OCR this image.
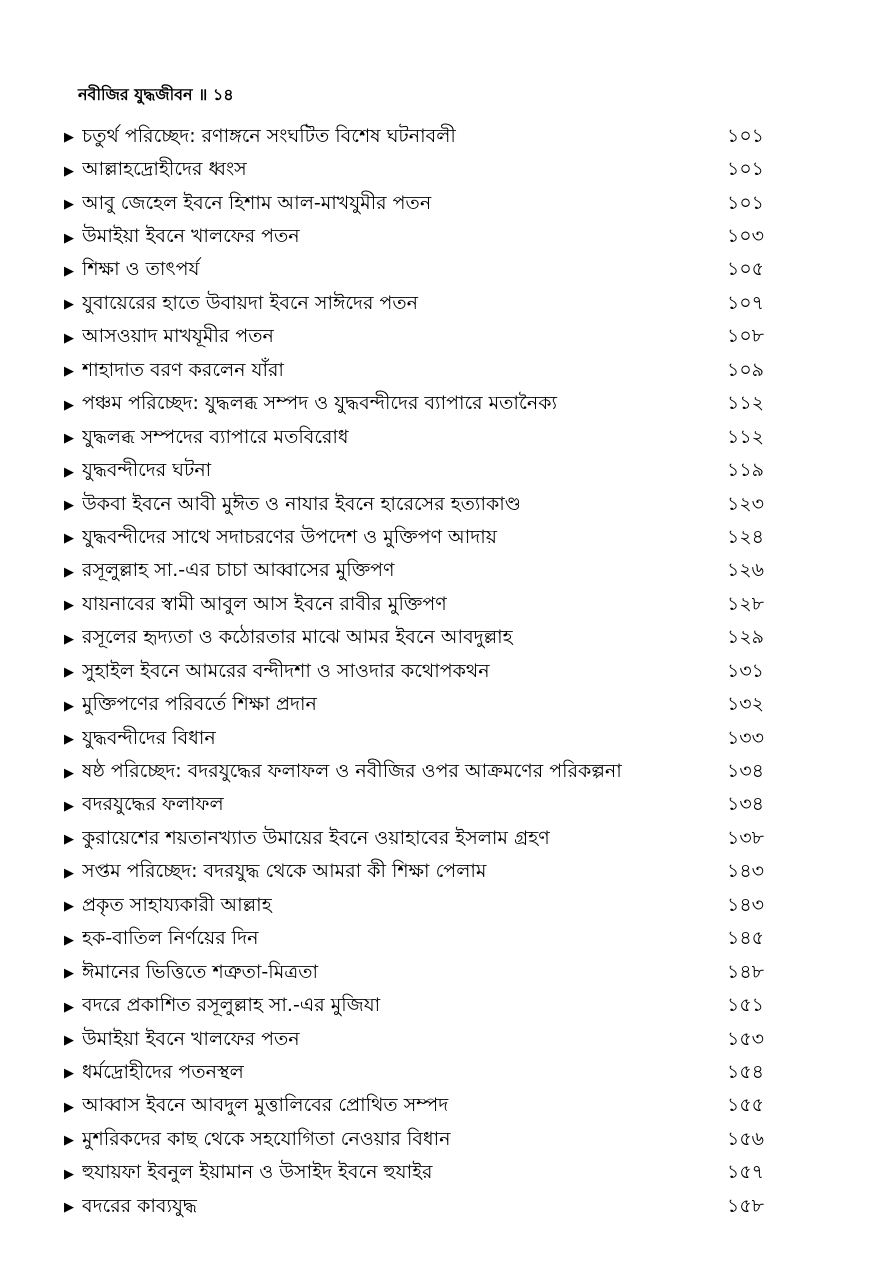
নবীজির যুদ্ধজীবন ॥ ১৪
▶ চতুর্থ পরিচ্ছেদ: রণাঙ্গনে সংঘটিত বিশেষ ঘটনাবলী	১০১
▶ আল্লাহদ্রোহীদের ধ্বংস	১০১
▶ আবু জেহেল ইবনে হিশাম আল-মাখযুমীর পতন	১০১
▶ উমাইয়া ইবনে খালফের পতন	১০৩
▶ শিক্ষা ও তাৎপর্য	১০৫
▶ যুবায়েরের হাতে উবায়দা ইবনে সাঈদের পতন	১০৭
▶ আসওয়াদ মাখযূমীর পতন	১০৮
▶ শাহাদাত বরণ করলেন যাঁরা	১০৯
▶ পঞ্চম পরিচ্ছেদ: যুদ্ধলব্ধ সম্পদ ও যুদ্ধবন্দীদের ব্যাপারে মতানৈক্য	১১২
▶ যুদ্ধলব্ধ সম্পদের ব্যাপারে মতবিরোধ	১১২
▶ যুদ্ধবন্দীদের ঘটনা	১১৯
▶ উকবা ইবনে আবী মুঈত ও নাযার ইবনে হারেসের হত্যাকাণ্ড	১২৩
▶ যুদ্ধবন্দীদের সাথে সদাচরণের উপদেশ ও মুক্তিপণ আদায়	১২৪
▶ রসূলুল্লাহ সা.-এর চাচা আব্বাসের মুক্তিপণ	১২৬
▶ যায়নাবের স্বামী আবুল আস ইবনে রাবীর মুক্তিপণ	১২৮
▶ রসূলের হৃদ্যতা ও কঠোরতার মাঝে আমর ইবনে আবদুল্লাহ	১২৯
▶ সুহাইল ইবনে আমরের বন্দীদশা ও সাওদার কথোপকথন	১৩১
▶ মুক্তিপণের পরিবর্তে শিক্ষা প্রদান	১৩২
▶ যুদ্ধবন্দীদের বিধান	১৩৩
▶ ষষ্ঠ পরিচ্ছেদ: বদরযুদ্ধের ফলাফল ও নবীজির ওপর আক্রমণের পরিকল্পনা	১৩৪
▶ বদরযুদ্ধের ফলাফল	১৩৪
▶ কুরায়েশের শয়তানখ্যাত উমায়ের ইবনে ওয়াহাবের ইসলাম গ্রহণ	১৩৮
▶ সপ্তম পরিচ্ছেদ: বদরযুদ্ধ থেকে আমরা কী শিক্ষা পেলাম	১৪৩
▶ প্রকৃত সাহায্যকারী আল্লাহ	১৪৩
▶ হক-বাতিল নির্ণয়ের দিন	১৪৫
▶ ঈমানের ভিত্তিতে শত্রুতা-মিত্রতা	১৪৮
▶ বদরে প্রকাশিত রসূলুল্লাহ সা.-এর মুজিযা	১৫১
▶ উমাইয়া ইবনে খালফের পতন	১৫৩
▶ ধর্মদ্রোহীদের পতনস্থল	১৫৪
▶ আব্বাস ইবনে আবদুল মুত্তালিবের প্রোথিত সম্পদ	১৫৫
▶ মুশরিকদের কাছ থেকে সহযোগিতা নেওয়ার বিধান	১৫৬
▶ হুযায়ফা ইবনুল ইয়ামান ও উসাইদ ইবনে হুযাইর	১৫৭
▶ বদরের কাব্যযুদ্ধ	১৫৮
